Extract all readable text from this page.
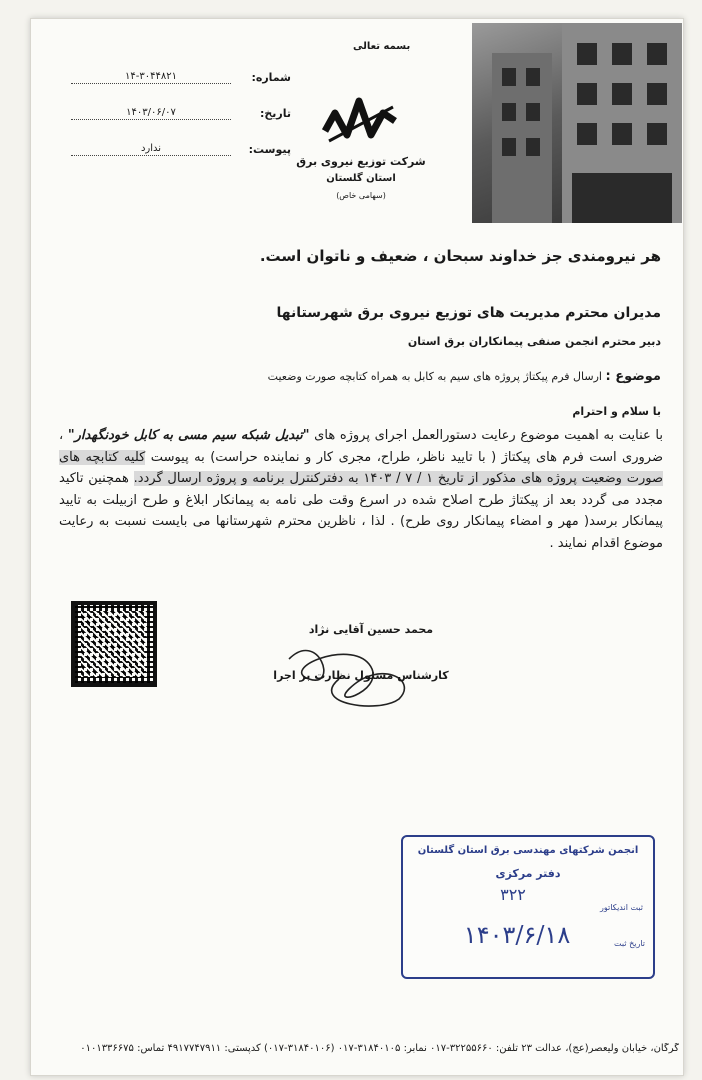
بسمه تعالی
شماره:
۱۴-۳۰۴۴۸۲۱
تاریخ:
۱۴۰۳/۰۶/۰۷
پیوست:
ندارد
شرکت توزیع نیروی برق
استان گلستان
(سهامی خاص)
هر نیرومندی جز خداوند سبحان ، ضعیف و ناتوان است.
مدیران محترم مدیریت های توزیع نیروی برق شهرستانها
دبیر محترم انجمن صنفی پیمانکاران برق استان
موضوع : ارسال فرم پیکتاژ پروژه های سیم به کابل به همراه کتابچه صورت وضعیت
با سلام و احترام
با عنایت به اهمیت موضوع رعایت دستورالعمل اجرای پروژه های "تبدیل شبکه سیم مسی به کابل خودنگهدار" ، ضروری است فرم های پیکتاژ ( با تایید ناظر، طراح، مجری کار و نماینده حراست) به پیوست کلیه کتابچه های صورت وضعیت پروژه های مذکور از تاریخ ۱ / ۷ / ۱۴۰۳ به دفترکنترل برنامه و پروژه ارسال گردد. همچنین تاکید مجدد می گردد بعد از پیکتاژ طرح اصلاح شده در اسرع وقت طی نامه به پیمانکار ابلاغ و طرح ازبیلت به تایید پیمانکار برسد( مهر و امضاء پیمانکار روی طرح) . لذا ، ناظرین محترم شهرستانها می بایست نسبت به رعایت موضوع اقدام نمایند .
محمد حسین آقایی نژاد
کارشناس مسئول نظارت بر اجرا
انجمن شرکتهای مهندسی برق استان گلستان
دفتر مرکزی
۳۲۲
ثبت اندیکاتور
۱۴۰۳/۶/۱۸	تاریخ ثبت
گرگان، خیابان ولیعصر(عج)، عدالت ۲۳ تلفن: ۳۲۲۵۵۶۶۰-۰۱۷ نمابر: ۳۱۸۴۰۱۰۵-۰۱۷ (۳۱۸۴۰۱۰۶-۰۱۷) کدپستی: ۴۹۱۷۷۴۷۹۱۱ تماس: ۰۱۰۱۳۳۶۶۷۵
